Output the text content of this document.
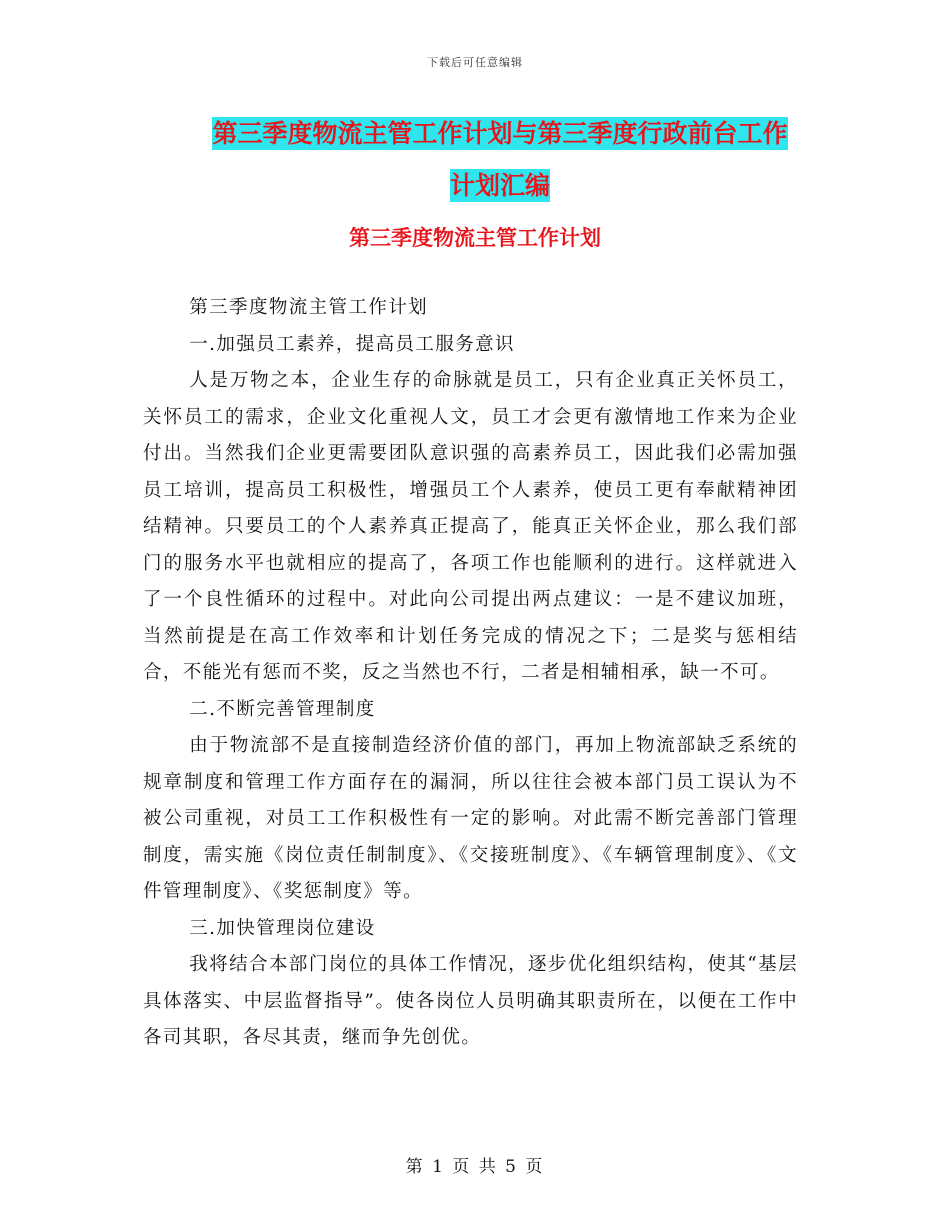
下载后可任意编辑
第三季度物流主管工作计划与第三季度行政前台工作
计划汇编
第三季度物流主管工作计划

第三季度物流主管工作计划

一.加强员工素养，提高员工服务意识

人是万物之本，企业生存的命脉就是员工，只有企业真正关怀员工，关怀员工的需求，企业文化重视人文，员工才会更有激情地工作来为企业付出。当然我们企业更需要团队意识强的高素养员工，因此我们必需加强员工培训，提高员工积极性，增强员工个人素养，使员工更有奉献精神团结精神。只要员工的个人素养真正提高了，能真正关怀企业，那么我们部门的服务水平也就相应的提高了，各项工作也能顺利的进行。这样就进入了一个良性循环的过程中。对此向公司提出两点建议：一是不建议加班，当然前提是在高工作效率和计划任务完成的情况之下；二是奖与惩相结合，不能光有惩而不奖，反之当然也不行，二者是相辅相承，缺一不可。

二.不断完善管理制度

由于物流部不是直接制造经济价值的部门，再加上物流部缺乏系统的规章制度和管理工作方面存在的漏洞，所以往往会被本部门员工误认为不被公司重视，对员工工作积极性有一定的影响。对此需不断完善部门管理制度，需实施《岗位责任制制度》、《交接班制度》、《车辆管理制度》、《文件管理制度》、《奖惩制度》等。

三.加快管理岗位建设

我将结合本部门岗位的具体工作情况，逐步优化组织结构，使其“基层具体落实、中层监督指导”。使各岗位人员明确其职责所在，以便在工作中各司其职，各尽其责，继而争先创优。

第 1 页 共 5 页
